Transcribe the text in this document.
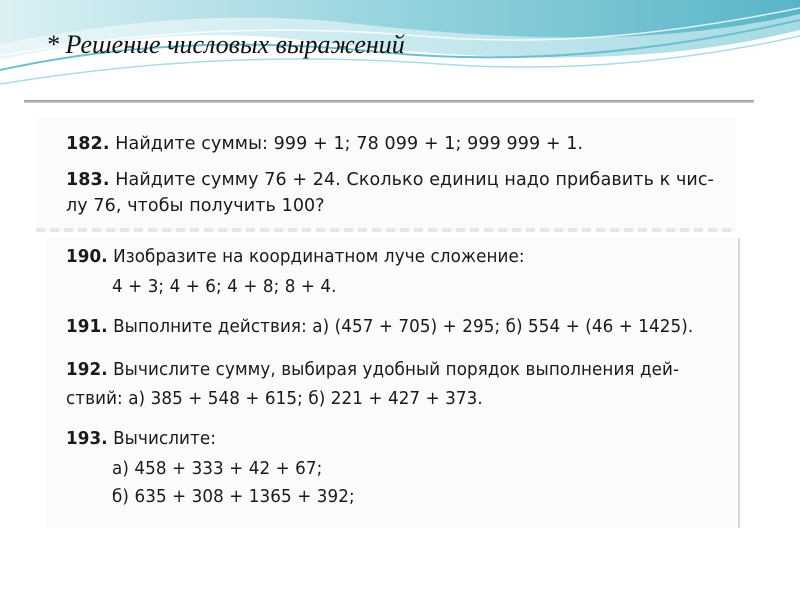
* Решение числовых выражений
182. Найдите суммы: 999 + 1; 78 099 + 1; 999 999 + 1.
183. Найдите сумму 76 + 24. Сколько единиц надо прибавить к чис-
лу 76, чтобы получить 100?
190. Изобразите на координатном луче сложение:
4 + 3; 4 + 6; 4 + 8; 8 + 4.
191. Выполните действия: а) (457 + 705) + 295; б) 554 + (46 + 1425).
192. Вычислите сумму, выбирая удобный порядок выполнения дей-
ствий: а) 385 + 548 + 615; б) 221 + 427 + 373.
193. Вычислите:
а) 458 + 333 + 42 + 67;
б) 635 + 308 + 1365 + 392;
